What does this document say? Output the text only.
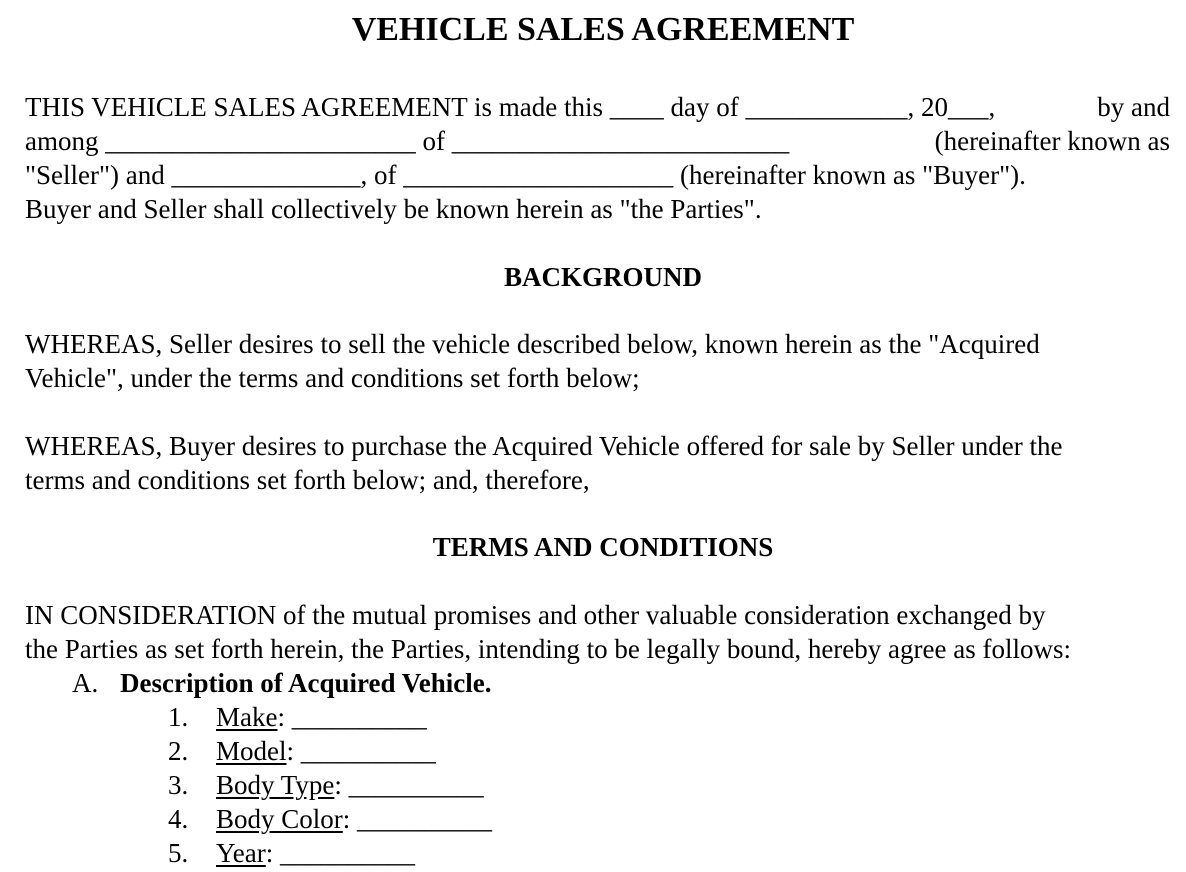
VEHICLE SALES AGREEMENT
THIS VEHICLE SALES AGREEMENT is made this ____ day of ____________, 20___,	by and
among _______________________ of _________________________	(hereinafter known as
"Seller") and ______________, of ____________________ (hereinafter known as "Buyer").
Buyer and Seller shall collectively be known herein as "the Parties".
BACKGROUND
WHEREAS, Seller desires to sell the vehicle described below, known herein as the "Acquired
Vehicle", under the terms and conditions set forth below;
WHEREAS, Buyer desires to purchase the Acquired Vehicle offered for sale by Seller under the
terms and conditions set forth below; and, therefore,
TERMS AND CONDITIONS
IN CONSIDERATION of the mutual promises and other valuable consideration exchanged by
the Parties as set forth herein, the Parties, intending to be legally bound, hereby agree as follows:

A. Description of Acquired Vehicle.

1. Make: __________
2. Model: __________
3. Body Type: __________
4. Body Color: __________
5. Year: __________
